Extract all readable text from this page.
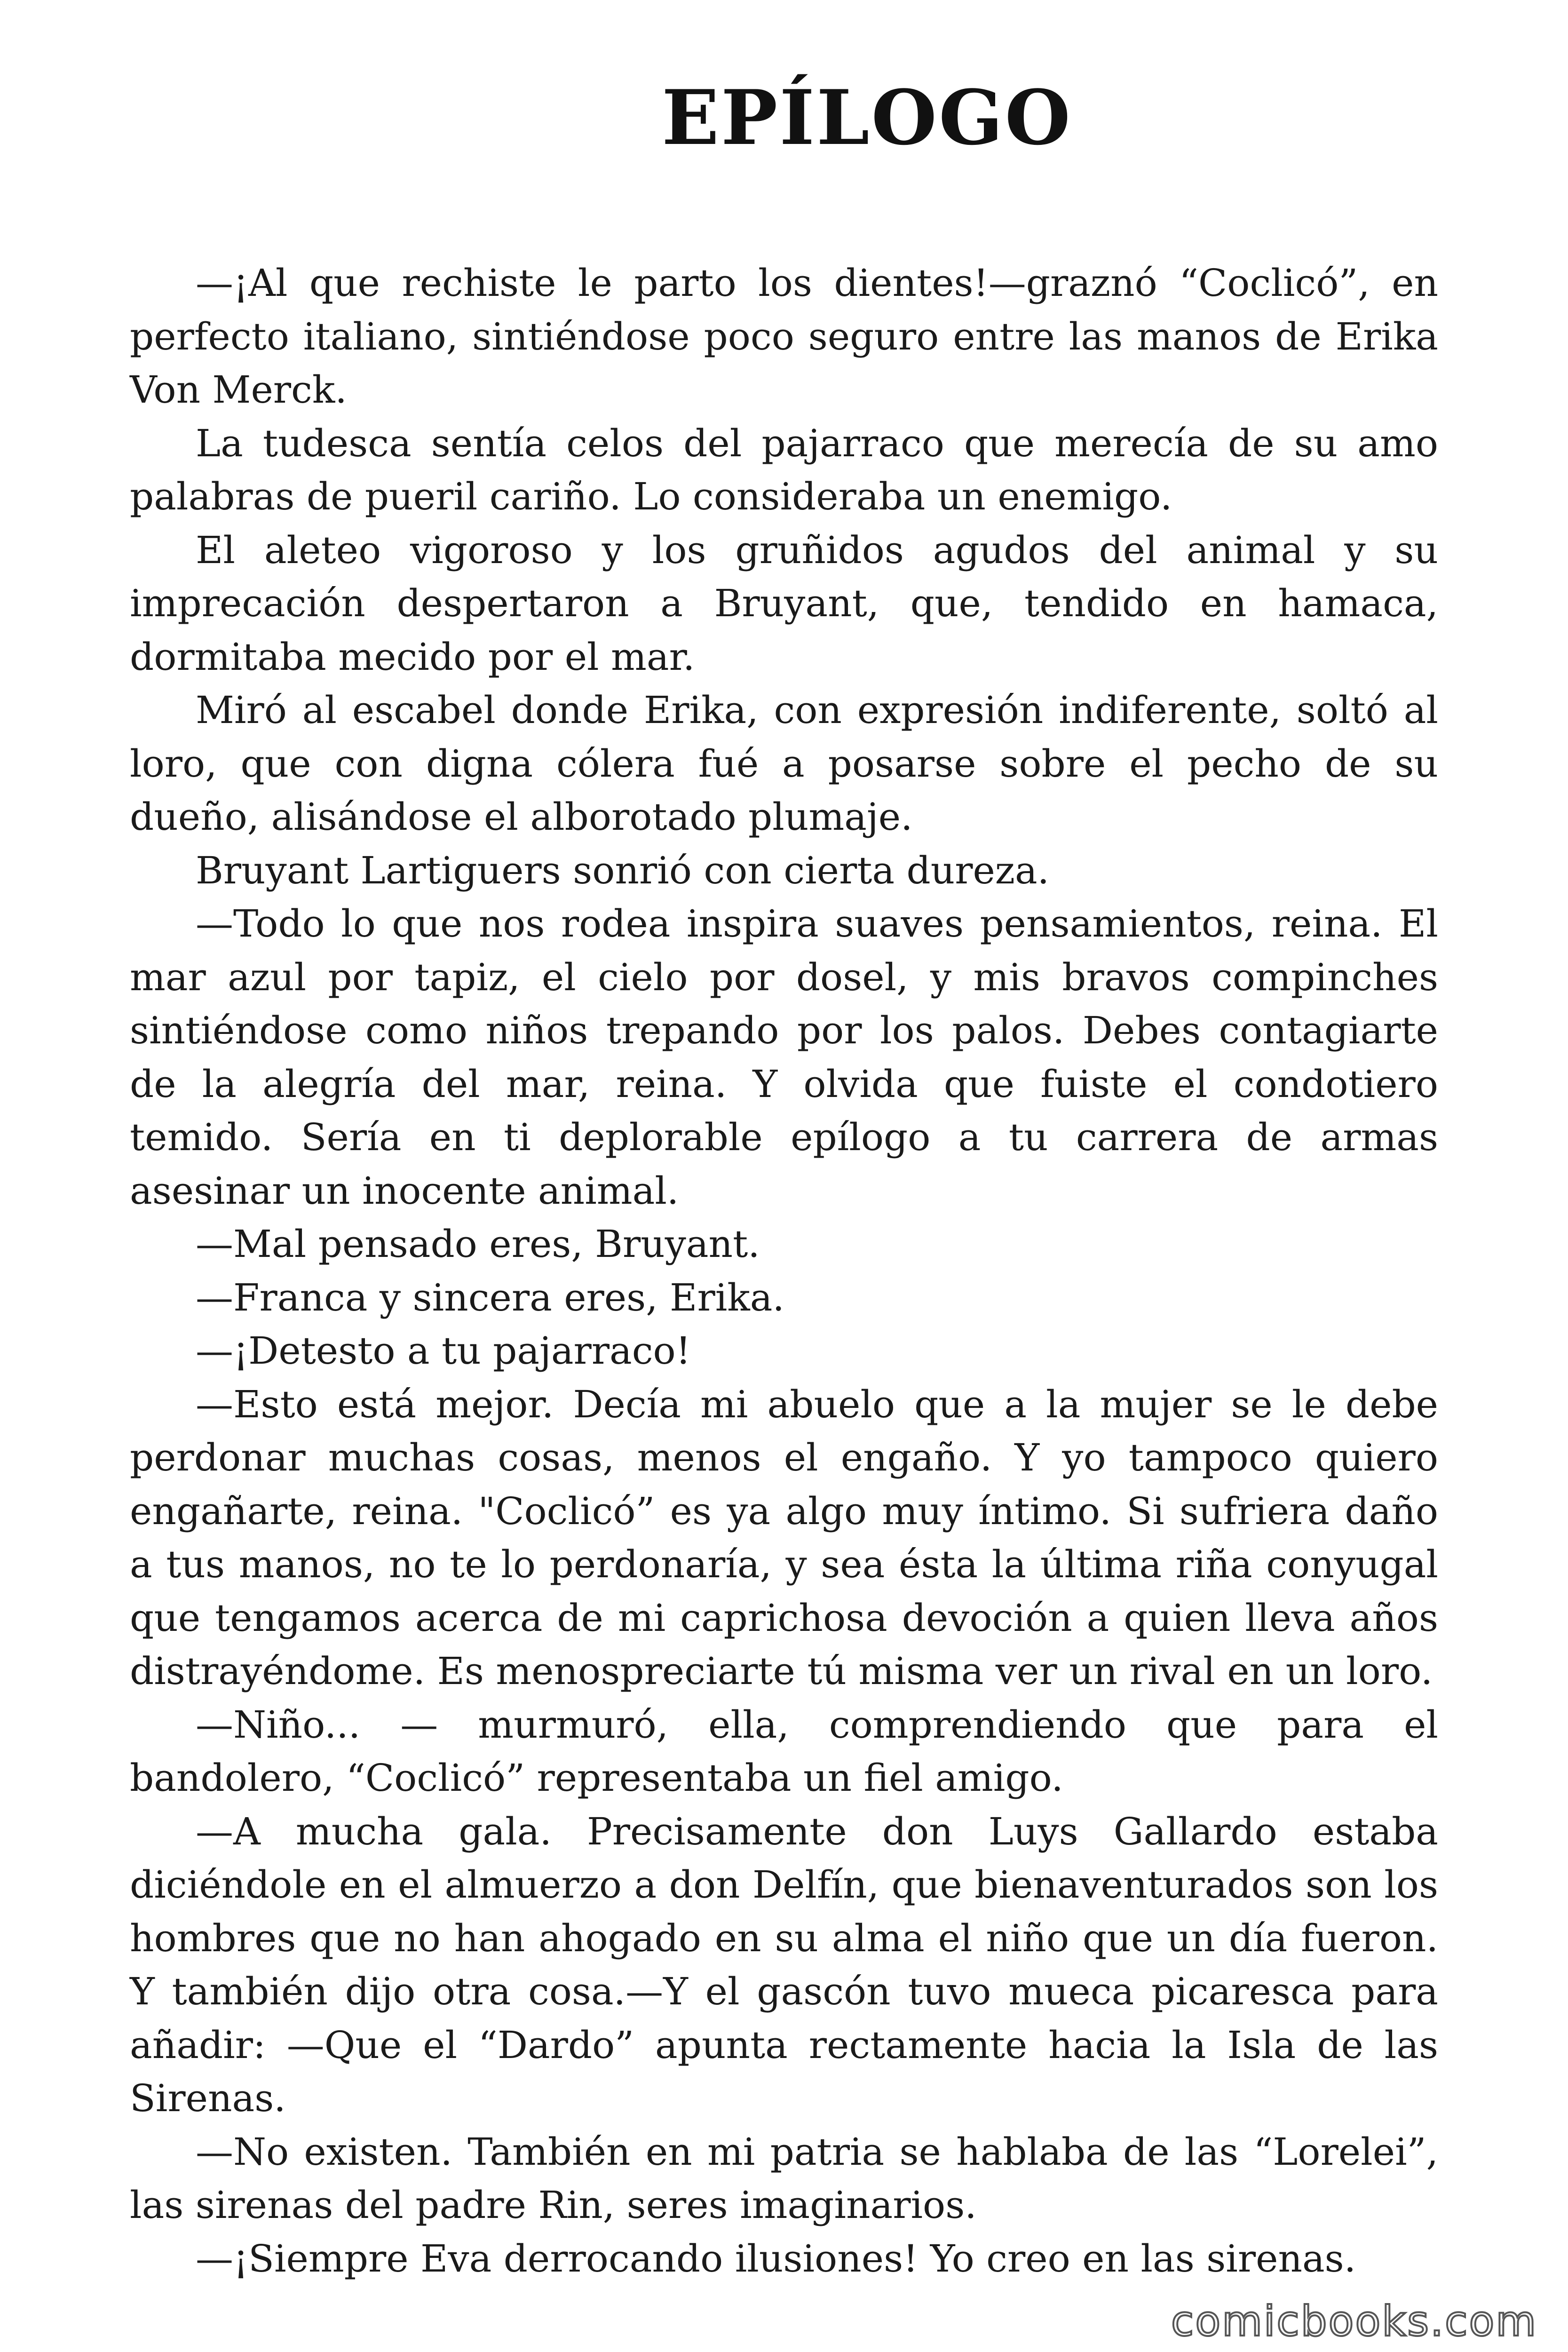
EPÍLOGO

—¡Al que rechiste le parto los dientes!—graznó “Coclicó”, en perfecto italiano, sintiéndose poco seguro entre las manos de Erika Von Merck.

La tudesca sentía celos del pajarraco que merecía de su amo palabras de pueril cariño. Lo consideraba un enemigo.

El aleteo vigoroso y los gruñidos agudos del animal y su imprecación despertaron a Bruyant, que, tendido en hamaca, dormitaba mecido por el mar.

Miró al escabel donde Erika, con expresión indiferente, soltó al loro, que con digna cólera fué a posarse sobre el pecho de su dueño, alisándose el alborotado plumaje.

Bruyant Lartiguers sonrió con cierta dureza.

—Todo lo que nos rodea inspira suaves pensamientos, reina. El mar azul por tapiz, el cielo por dosel, y mis bravos compinches sintiéndose como niños trepando por los palos. Debes contagiarte de la alegría del mar, reina. Y olvida que fuiste el condotiero temido. Sería en ti deplorable epílogo a tu carrera de armas asesinar un inocente animal.

—Mal pensado eres, Bruyant.

—Franca y sincera eres, Erika.

—¡Detesto a tu pajarraco!

—Esto está mejor. Decía mi abuelo que a la mujer se le debe perdonar muchas cosas, menos el engaño. Y yo tampoco quiero engañarte, reina. "Coclicó” es ya algo muy íntimo. Si sufriera daño a tus manos, no te lo perdonaría, y sea ésta la última riña conyugal que tengamos acerca de mi caprichosa devoción a quien lleva años distrayéndome. Es menospreciarte tú misma ver un rival en un loro.

—Niño... — murmuró, ella, comprendiendo que para el bandolero, “Coclicó” representaba un fiel amigo.

—A mucha gala. Precisamente don Luys Gallardo estaba diciéndole en el almuerzo a don Delfín, que bienaventurados son los hombres que no han ahogado en su alma el niño que un día fueron. Y también dijo otra cosa.—Y el gascón tuvo mueca picaresca para añadir: —Que el “Dardo” apunta rectamente hacia la Isla de las Sirenas.

—No existen. También en mi patria se hablaba de las “Lorelei”, las sirenas del padre Rin, seres imaginarios.

—¡Siempre Eva derrocando ilusiones! Yo creo en las sirenas.

comicbooks.com
